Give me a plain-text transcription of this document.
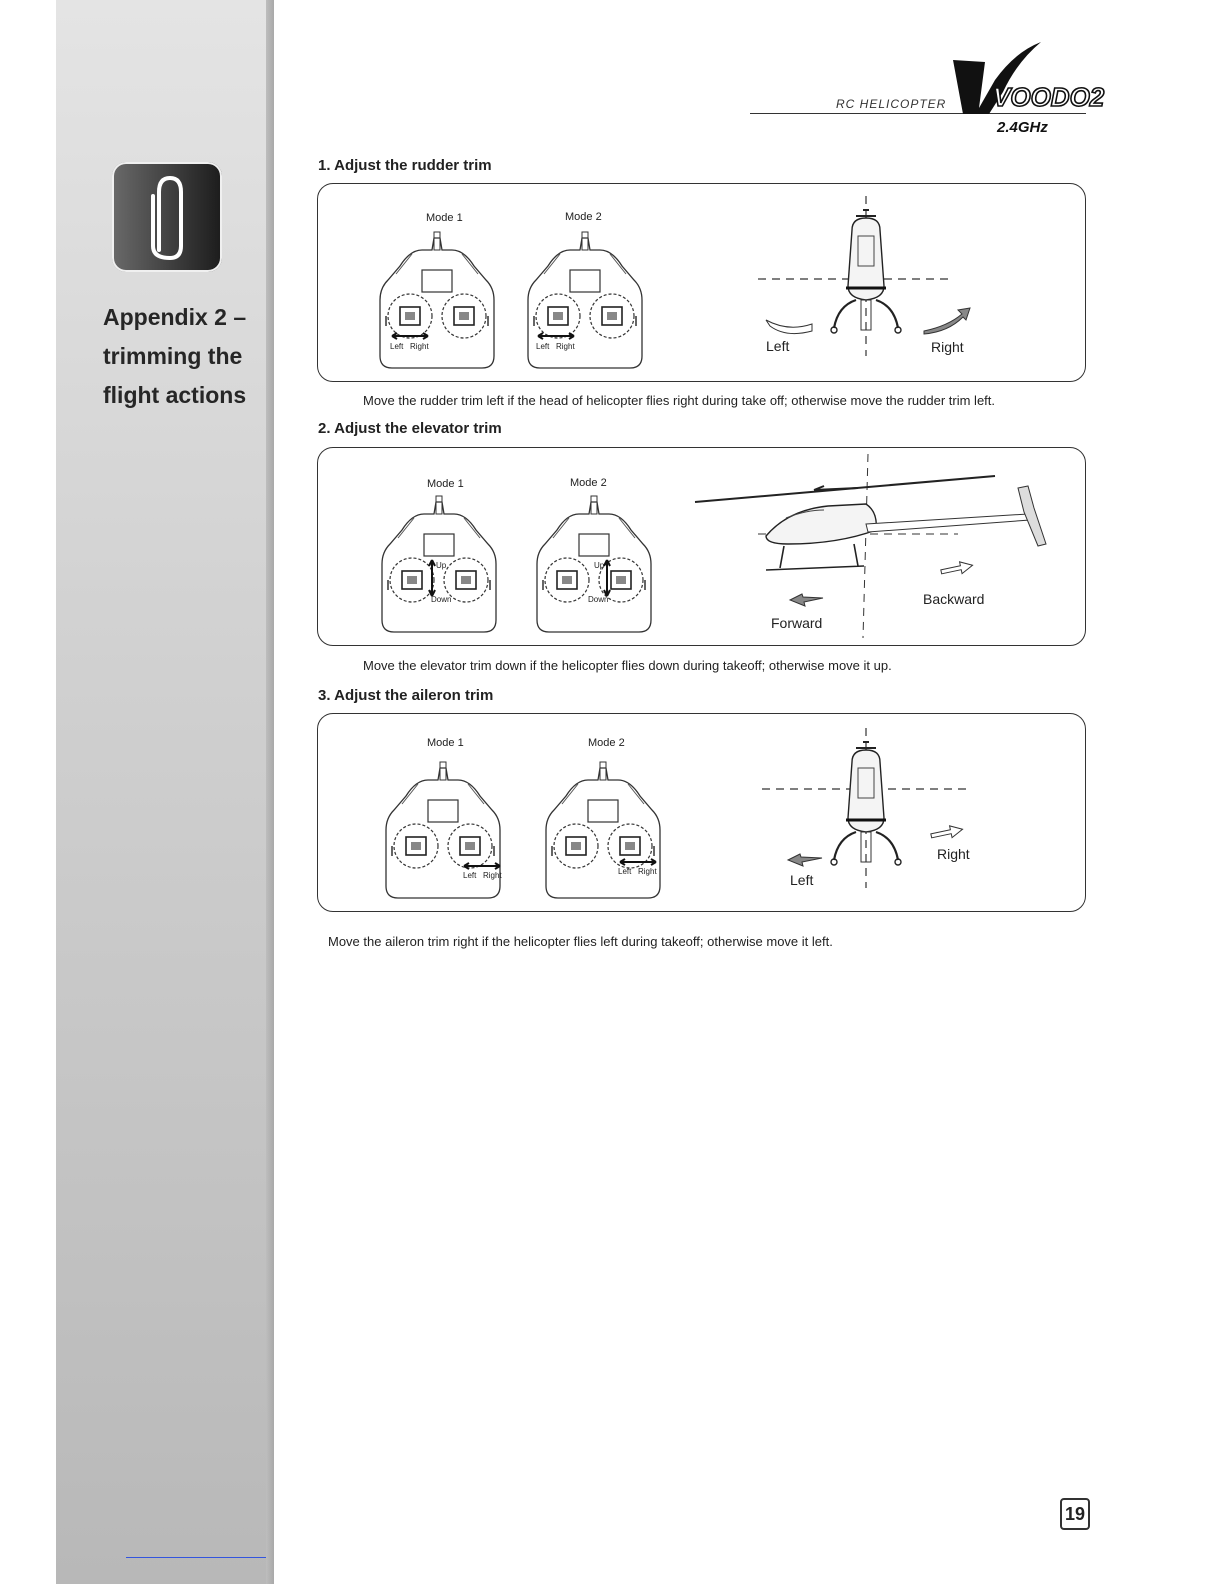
Appendix 2 –
trimming the
flight actions
RC HELICOPTER VOODO2
2.4GHz
1. Adjust the rudder trim
Mode 1	Mode 2
Left Right	Left Right	Left	Right

Move the rudder trim left if the head of helicopter flies right during take off; otherwise move the rudder trim left.

2. Adjust the elevator trim
Mode 1	Mode 2
Up
Down
Up
Down	Backward
Forward

Move the elevator trim down if the helicopter flies down during takeoff; otherwise move it up.

3. Adjust the aileron trim
Mode 1	Mode 2
Left Right	Left Right
Left
Right

Move the aileron trim right if the helicopter flies left during takeoff; otherwise move it left.

19
